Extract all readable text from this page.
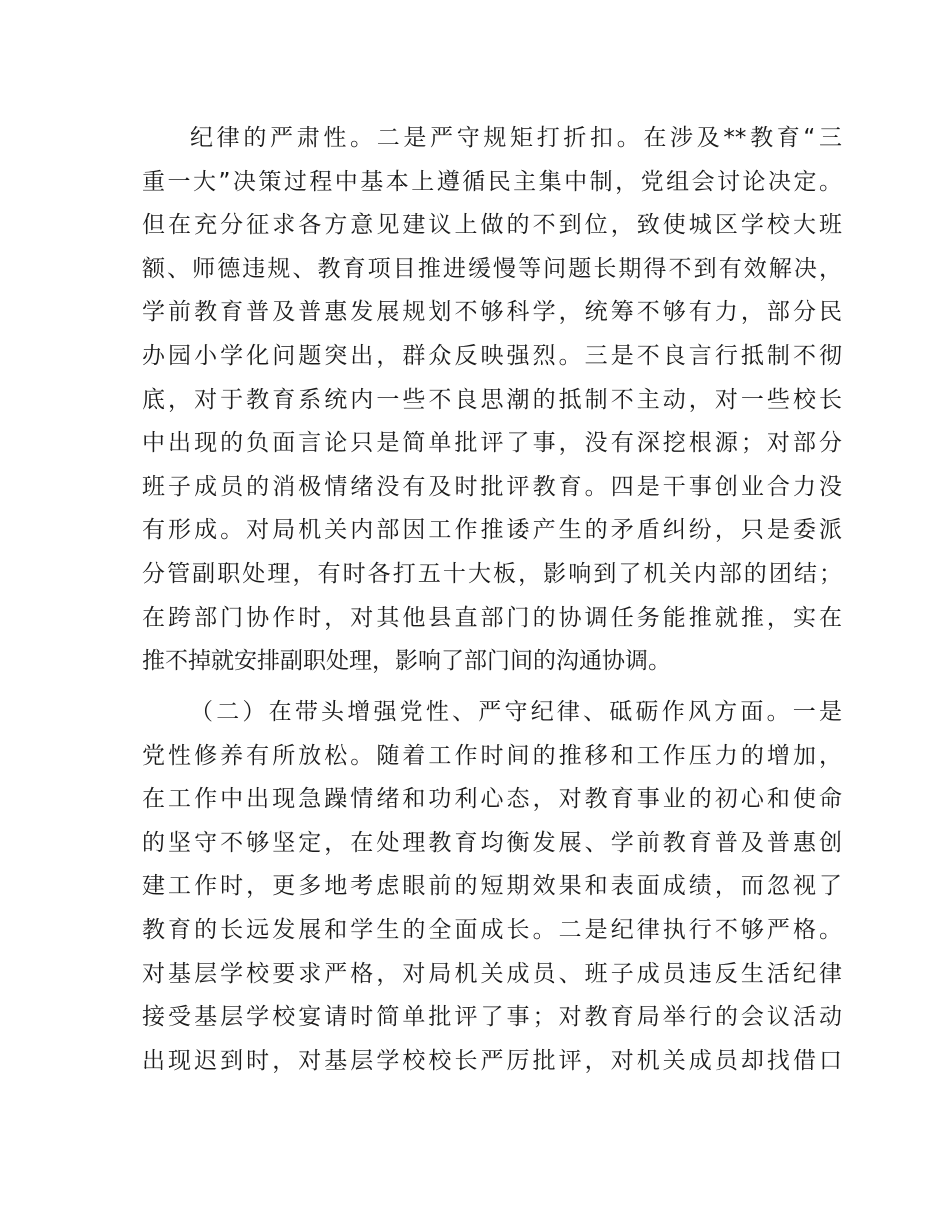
纪律的严肃性。二是严守规矩打折扣。在涉及**教育“三
重一大”决策过程中基本上遵循民主集中制，党组会讨论决定。
但在充分征求各方意见建议上做的不到位，致使城区学校大班
额、师德违规、教育项目推进缓慢等问题长期得不到有效解决，
学前教育普及普惠发展规划不够科学，统筹不够有力，部分民
办园小学化问题突出，群众反映强烈。三是不良言行抵制不彻
底，对于教育系统内一些不良思潮的抵制不主动，对一些校长
中出现的负面言论只是简单批评了事，没有深挖根源；对部分
班子成员的消极情绪没有及时批评教育。四是干事创业合力没
有形成。对局机关内部因工作推诿产生的矛盾纠纷，只是委派
分管副职处理，有时各打五十大板，影响到了机关内部的团结；
在跨部门协作时，对其他县直部门的协调任务能推就推，实在
推不掉就安排副职处理，影响了部门间的沟通协调。
（二）在带头增强党性、严守纪律、砥砺作风方面。一是
党性修养有所放松。随着工作时间的推移和工作压力的增加，
在工作中出现急躁情绪和功利心态，对教育事业的初心和使命
的坚守不够坚定，在处理教育均衡发展、学前教育普及普惠创
建工作时，更多地考虑眼前的短期效果和表面成绩，而忽视了
教育的长远发展和学生的全面成长。二是纪律执行不够严格。
对基层学校要求严格，对局机关成员、班子成员违反生活纪律
接受基层学校宴请时简单批评了事；对教育局举行的会议活动
出现迟到时，对基层学校校长严厉批评，对机关成员却找借口
